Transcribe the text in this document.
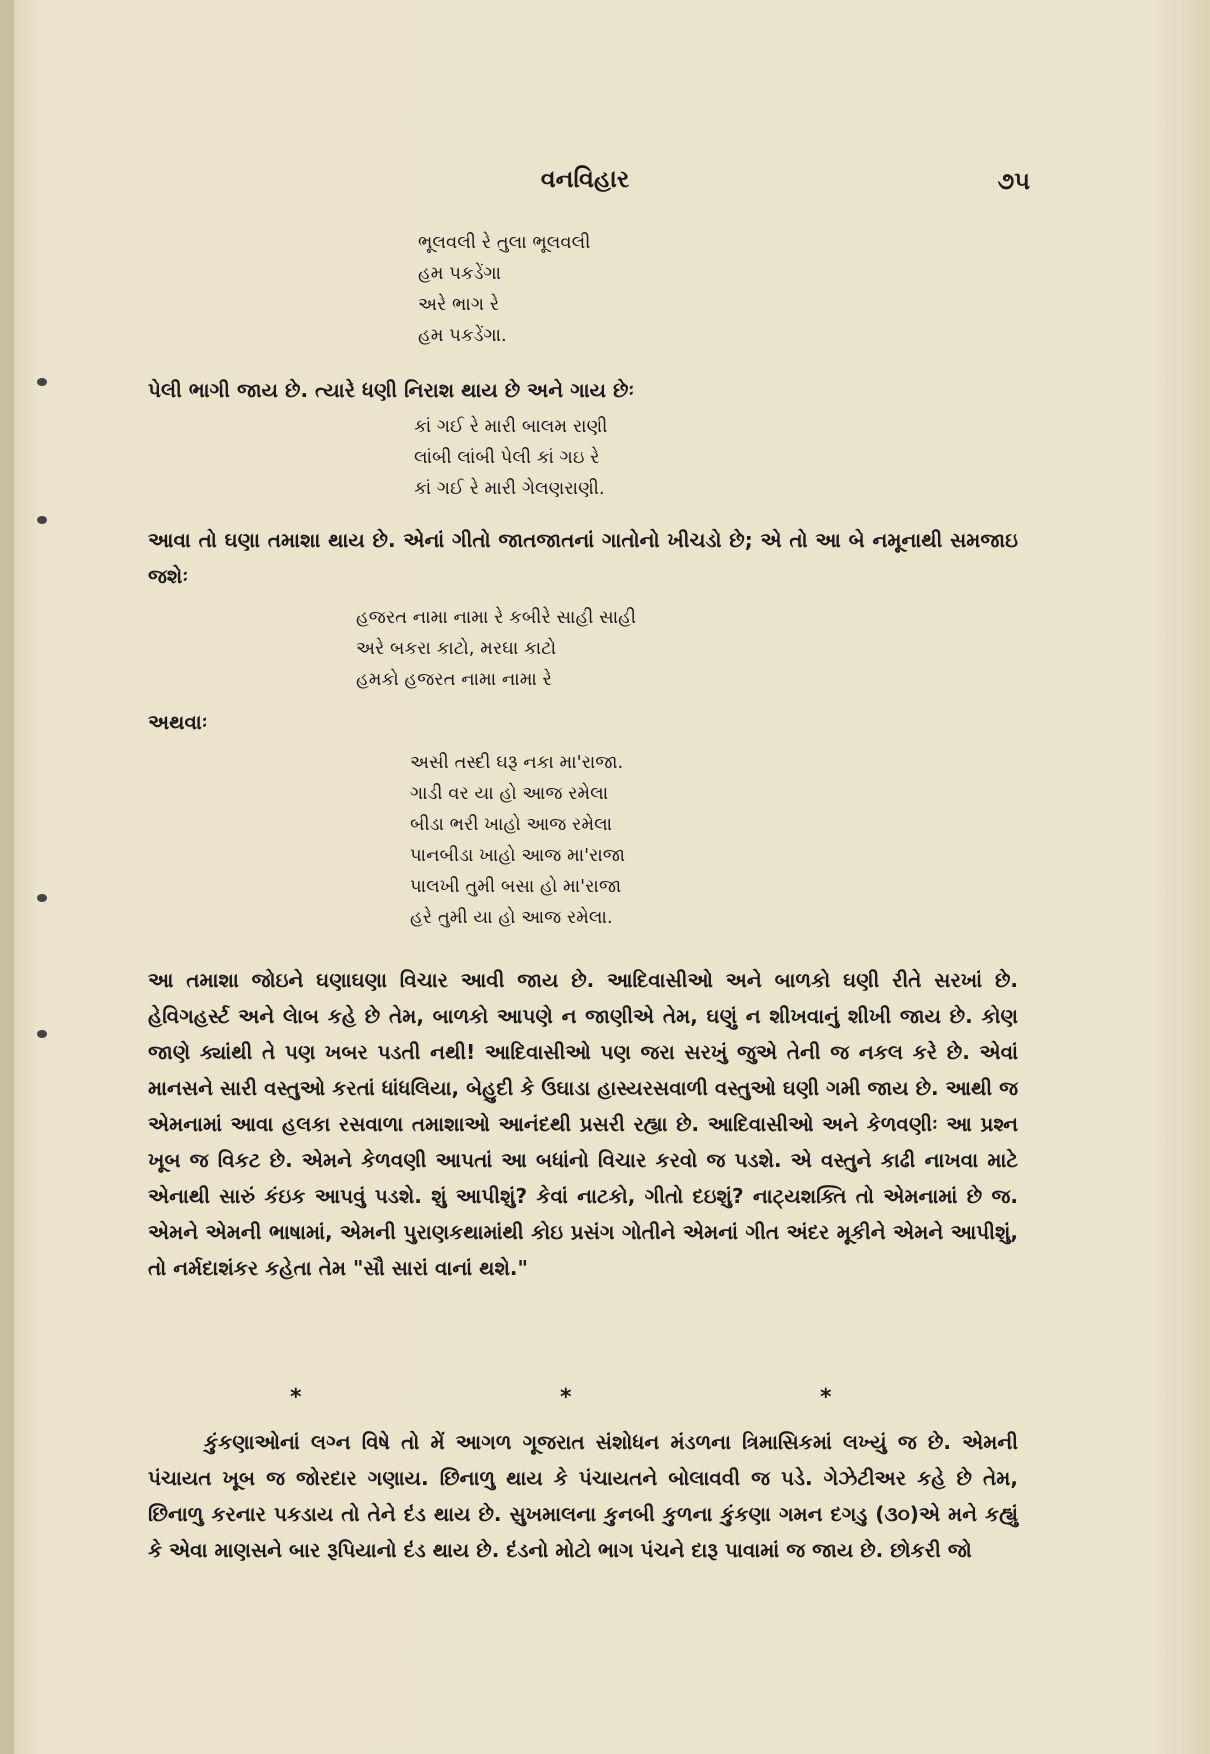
વનવિહાર	૭૫
ભૂલવલી રે તુલા ભૂલવલી
હમ પકડેંગા
અરે ભાગ રે
હમ પકડેંગા.
પેલી ભાગી જાય છે. ત્યારે ધણી નિરાશ થાય છે અને ગાય છેઃ
કાં ગઈ રે મારી બાલમ રાણી
લાંબી લાંબી પેલી કાં ગઇ રે
કાં ગઈ રે મારી ગેલણરાણી.
આવા તો ઘણા તમાશા થાય છે. એનાં ગીતો જાતજાતનાં ગાતોનો ખીચડો છે; એ તો આ બે નમૂનાથી સમજાઇ જશેઃ
હજરત નામા નામા રે કબીરે સાહી સાહી
અરે બકરા કાટો, મરઘા કાટો
હમકો હજરત નામા નામા રે
અથવાઃ
અસી તસ્દી ઘરૂ નકા મા'રાજા.
ગાડી વર યા હો આજ રમેલા
બીડા ભરી ખાહો આજ રમેલા
પાનબીડા ખાહો આજ મા'રાજા
પાલખી તુમી બસા હો મા'રાજા
હરે તુમી યા હો આજ રમેલા.
આ તમાશા જોઇને ઘણાઘણા વિચાર આવી જાય છે. આદિવાસીઓ અને બાળકો ઘણી રીતે સરખાં છે. હેવિગહર્સ્ટ અને લેાબ કહે છે તેમ, બાળકો આપણે ન જાણીએ તેમ, ઘણું ન શીખવાનું શીખી જાય છે. કોણ જાણે ક્યાંથી તે પણ ખબર પડતી નથી! આદિવાસીઓ પણ જરા સરખું જુએ તેની જ નકલ કરે છે. એવાં માનસને સારી વસ્તુઓ કરતાં ધાંધલિયા, બેહુદી કે ઉઘાડા હાસ્યરસવાળી વસ્તુઓ ઘણી ગમી જાય છે. આથી જ એમનામાં આવા હલકા રસવાળા તમાશાઓ આનંદથી પ્રસરી રહ્યા છે. આદિવાસીઓ અને કેળવણીઃ આ પ્રશ્ન ખૂબ જ વિકટ છે. એમને કેળવણી આપતાં આ બધાંનો વિચાર કરવો જ પડશે. એ વસ્તુને કાઢી નાખવા માટે એનાથી સારું કંઇક આપવું પડશે. શું આપીશું? કેવાં નાટકો, ગીતો દઇશું? નાટ્યશક્તિ તો એમનામાં છે જ. એમને એમની ભાષામાં, એમની પુરાણકથામાંથી કોઇ પ્રસંગ ગોતીને એમનાં ગીત અંદર મૂકીને એમને આપીશું, તો નર્મદાશંકર કહેતા તેમ "સૌ સારાં વાનાં થશે."
*	*	*
કુંકણાઓનાં લગ્ન વિષે તો મેં આગળ ગૂજરાત સંશોધન મંડળના ત્રિમાસિકમાં લખ્યું જ છે. એમની પંચાયત ખૂબ જ જોરદાર ગણાય. છિનાળુ થાય કે પંચાયતને બોલાવવી જ પડે. ગેઝેટીઅર કહે છે તેમ, છિનાળુ કરનાર પકડાય તો તેને દંડ થાય છે. સુખમાલના કુનબી કુળના કુંકણા ગમન દગડુ (૩૦)એ મને કહ્યું કે એવા માણસને બાર રૂપિયાનો દંડ થાય છે. દંડનો મોટો ભાગ પંચને દારૂ પાવામાં જ જાય છે. છોકરી જો
